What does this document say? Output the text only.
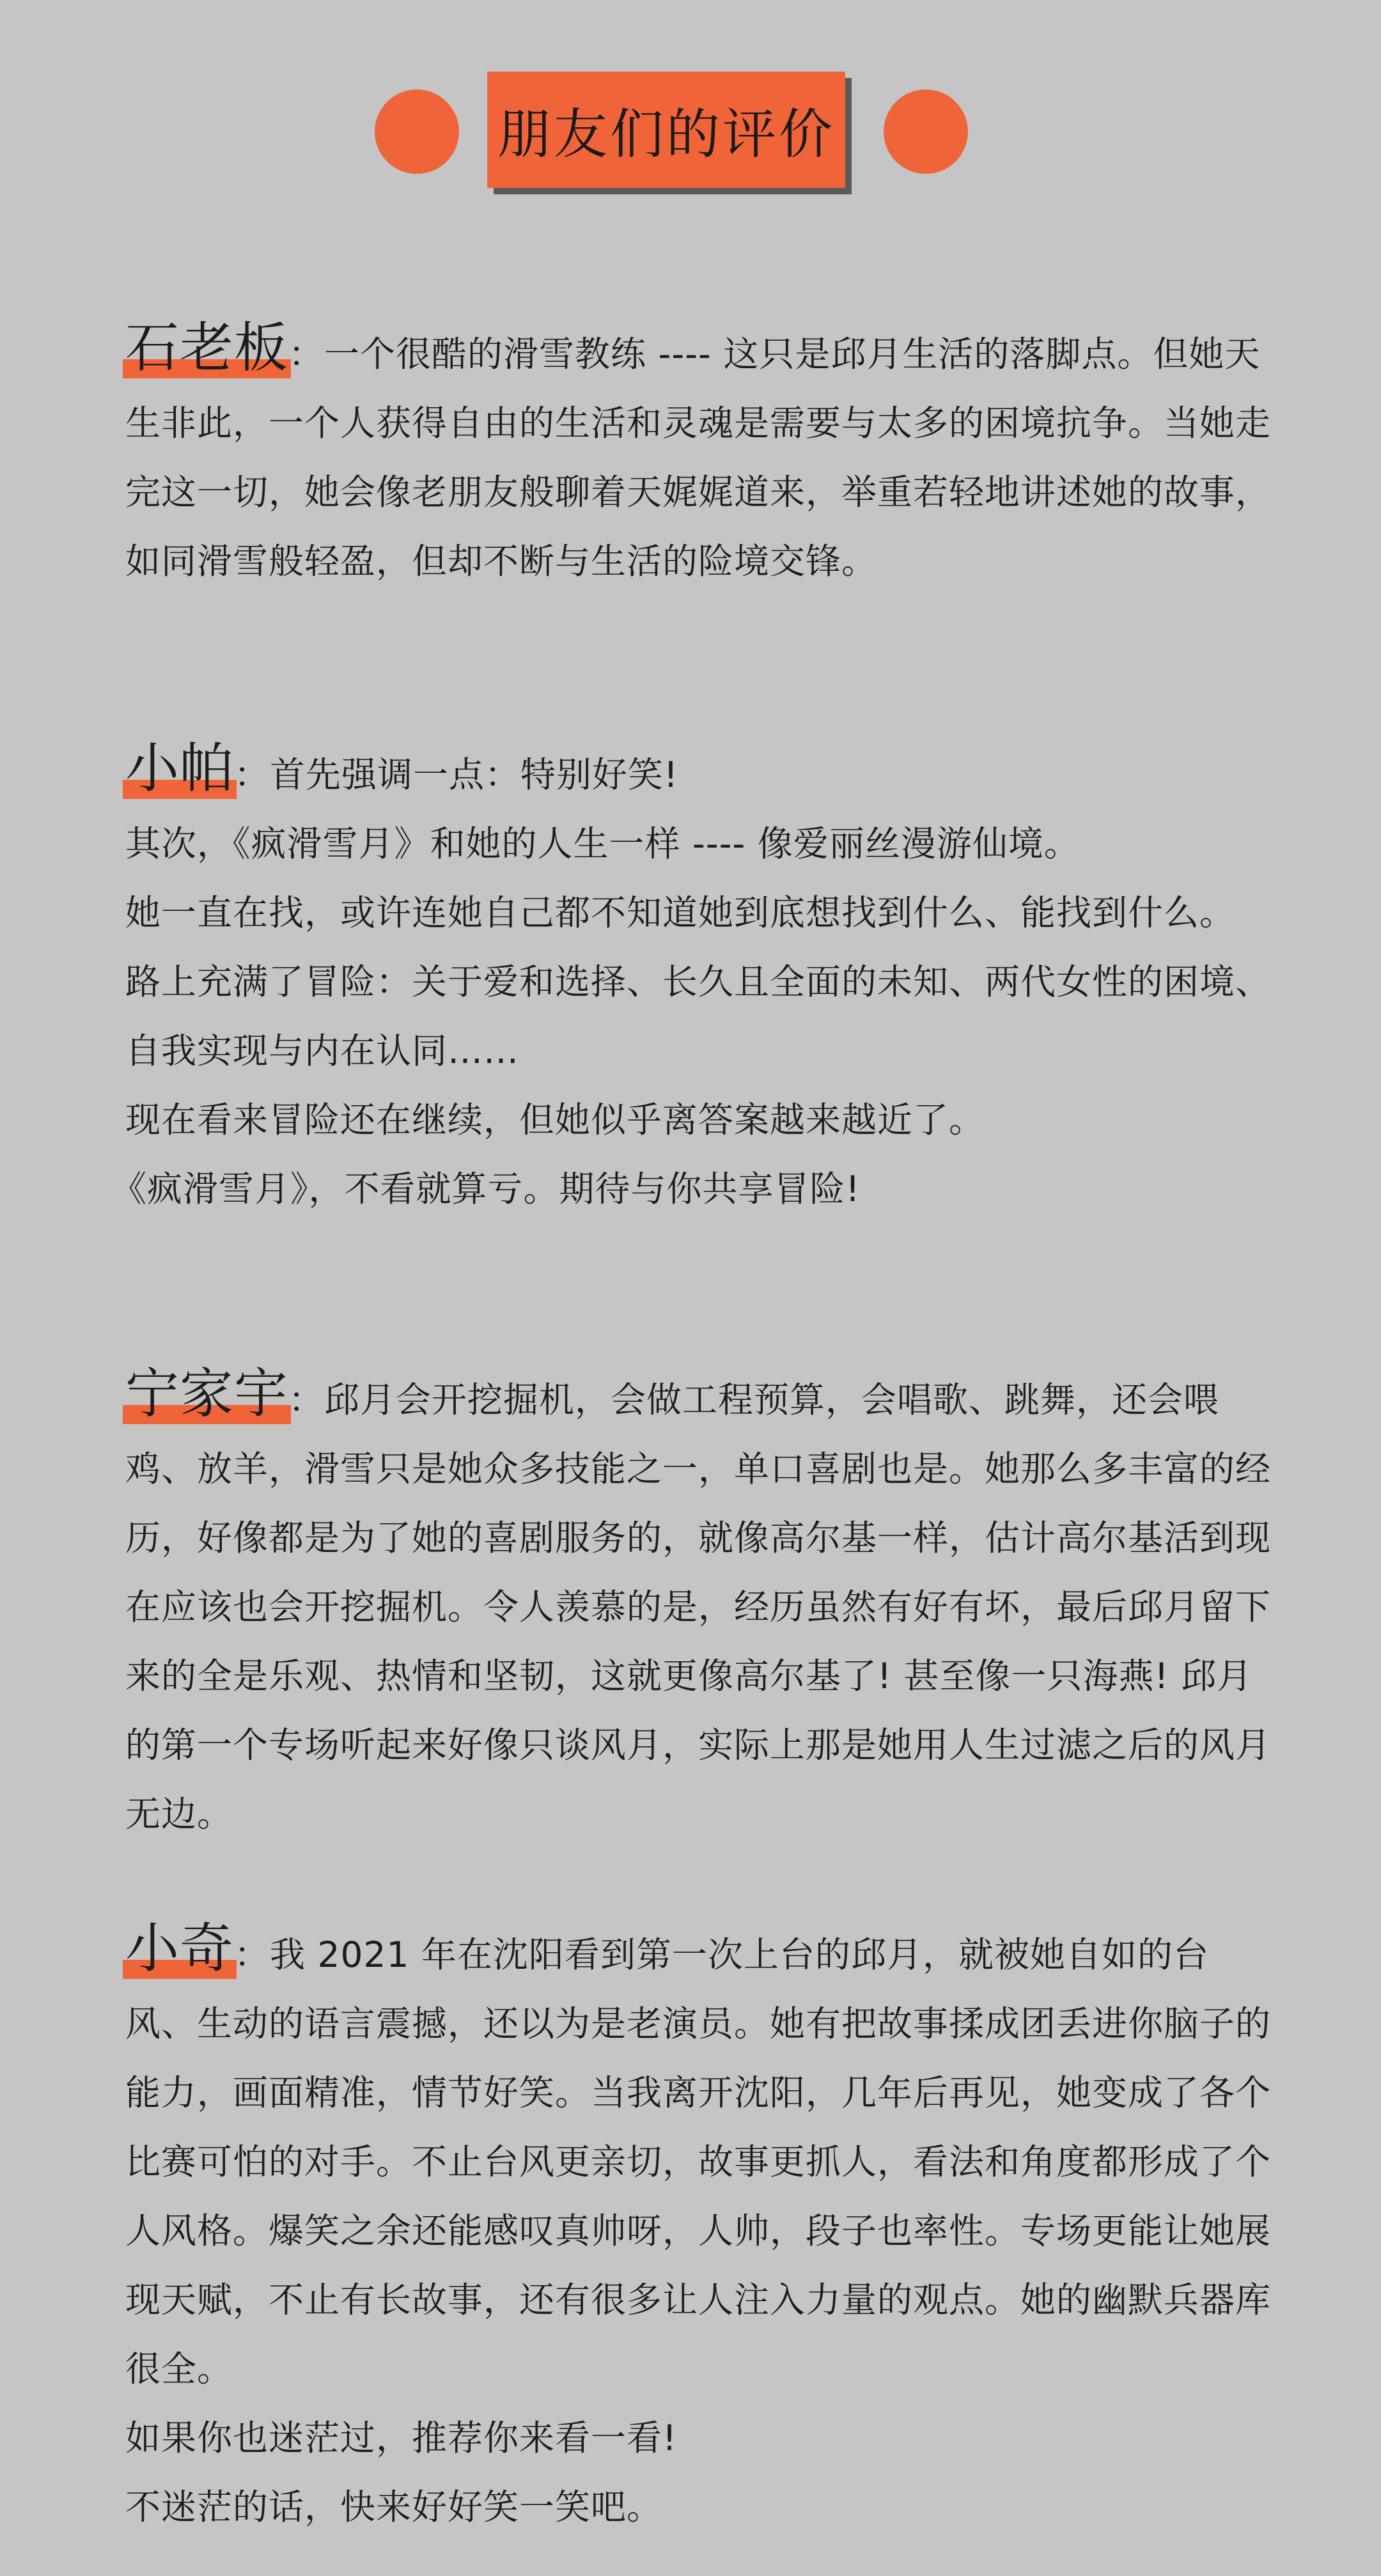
朋友们的评价

石老板：一个很酷的滑雪教练 ---- 这只是邱月生活的落脚点。但她天生非此，一个人获得自由的生活和灵魂是需要与太多的困境抗争。当她走完这一切，她会像老朋友般聊着天娓娓道来，举重若轻地讲述她的故事，如同滑雪般轻盈，但却不断与生活的险境交锋。

小帕：首先强调一点：特别好笑!

其次，《疯滑雪月》和她的人生一样 ---- 像爱丽丝漫游仙境。

她一直在找，或许连她自己都不知道她到底想找到什么、能找到什么。

路上充满了冒险：关于爱和选择、长久且全面的未知、两代女性的困境、自我实现与内在认同……

现在看来冒险还在继续，但她似乎离答案越来越近了。

《疯滑雪月》，不看就算亏。期待与你共享冒险!

宁家宇：邱月会开挖掘机，会做工程预算，会唱歌、跳舞，还会喂鸡、放羊，滑雪只是她众多技能之一，单口喜剧也是。她那么多丰富的经历，好像都是为了她的喜剧服务的，就像高尔基一样，估计高尔基活到现在应该也会开挖掘机。令人羡慕的是，经历虽然有好有坏，最后邱月留下来的全是乐观、热情和坚韧，这就更像高尔基了! 甚至像一只海燕! 邱月的第一个专场听起来好像只谈风月，实际上那是她用人生过滤之后的风月无边。

小奇：我 2021 年在沈阳看到第一次上台的邱月，就被她自如的台风、生动的语言震撼，还以为是老演员。她有把故事揉成团丢进你脑子的能力，画面精准，情节好笑。当我离开沈阳，几年后再见，她变成了各个比赛可怕的对手。不止台风更亲切，故事更抓人，看法和角度都形成了个人风格。爆笑之余还能感叹真帅呀，人帅，段子也率性。专场更能让她展现天赋，不止有长故事，还有很多让人注入力量的观点。她的幽默兵器库很全。

如果你也迷茫过，推荐你来看一看!

不迷茫的话，快来好好笑一笑吧。
